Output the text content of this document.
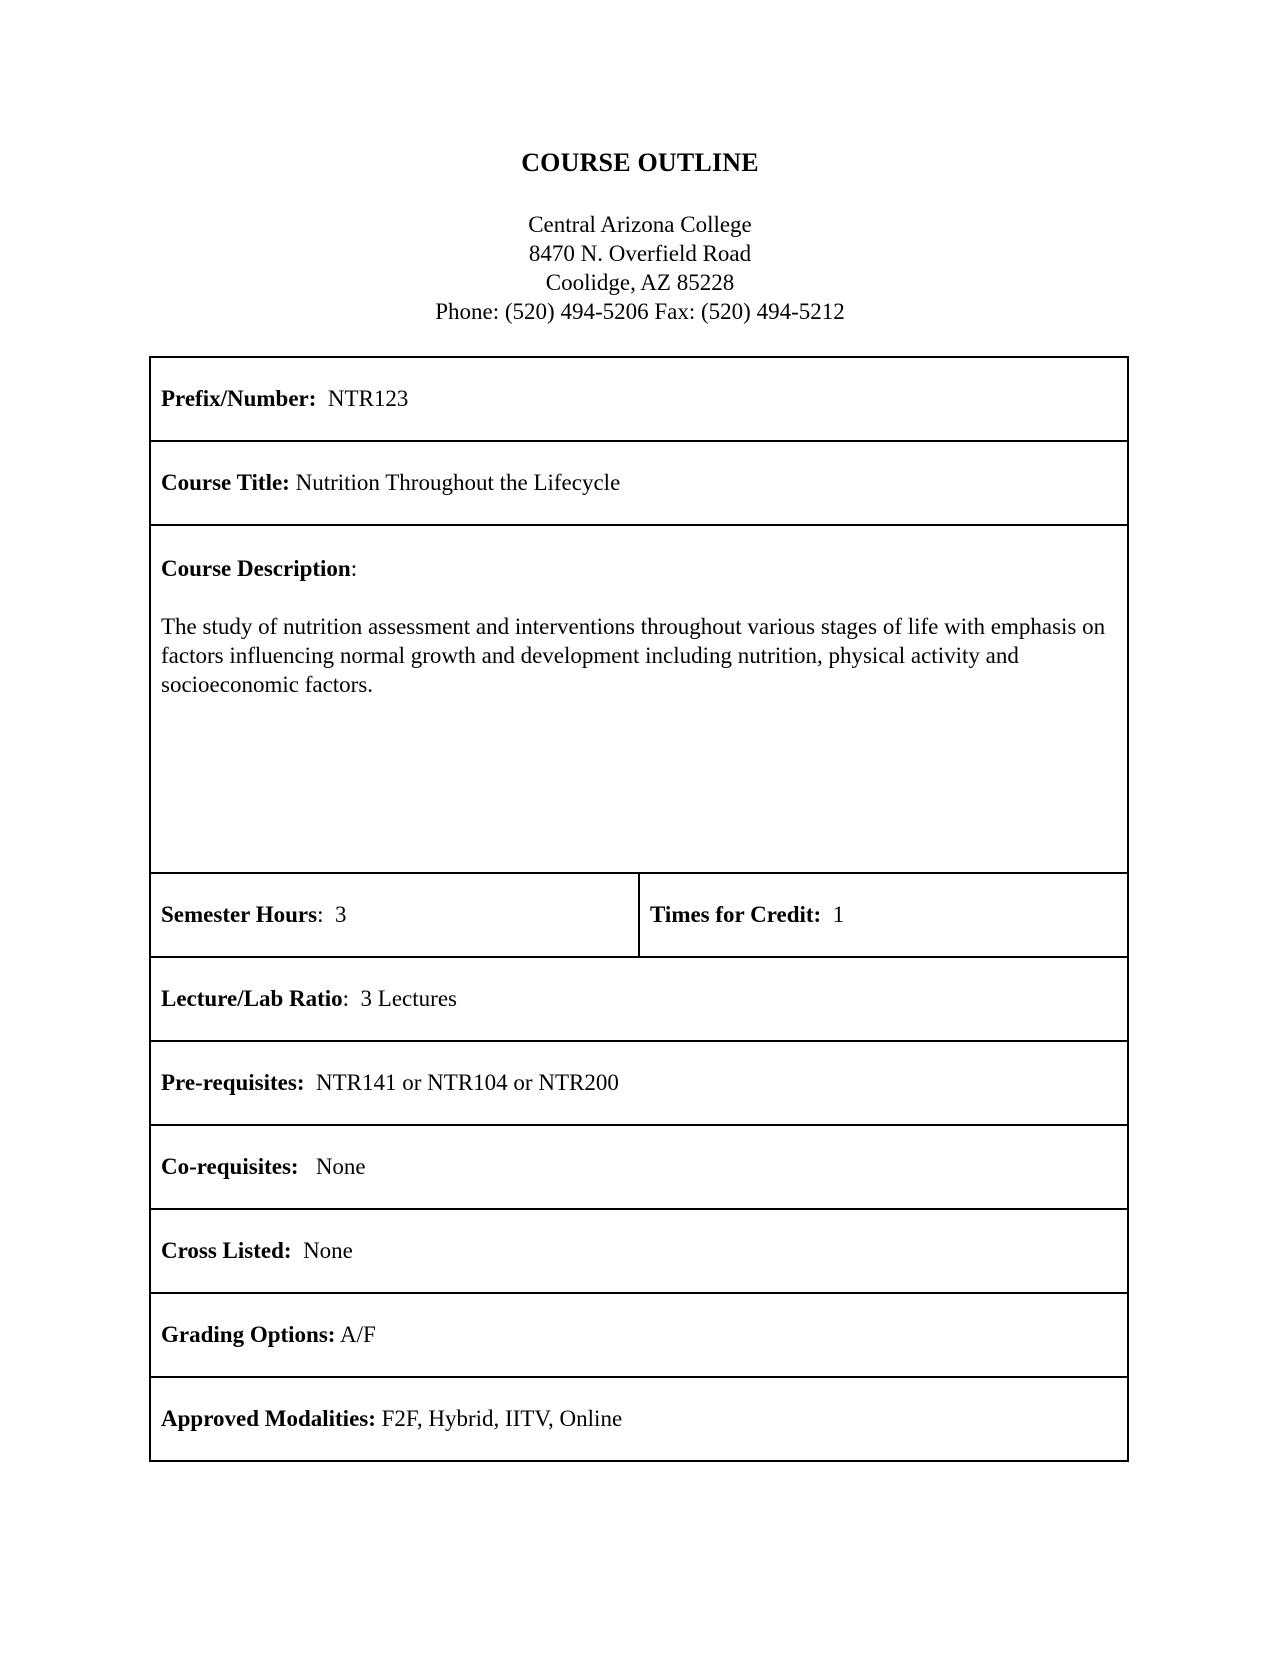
COURSE OUTLINE
Central Arizona College
8470 N. Overfield Road
Coolidge, AZ 85228
Phone: (520) 494-5206 Fax: (520) 494-5212
Prefix/Number: NTR123
Course Title: Nutrition Throughout the Lifecycle

Course Description:
The study of nutrition assessment and interventions throughout various stages of life with emphasis on factors influencing normal growth and development including nutrition, physical activity and socioeconomic factors.

Semester Hours: 3	Times for Credit: 1
Lecture/Lab Ratio: 3 Lectures
Pre-requisites: NTR141 or NTR104 or NTR200
Co-requisites: None
Cross Listed: None
Grading Options: A/F
Approved Modalities: F2F, Hybrid, IITV, Online
